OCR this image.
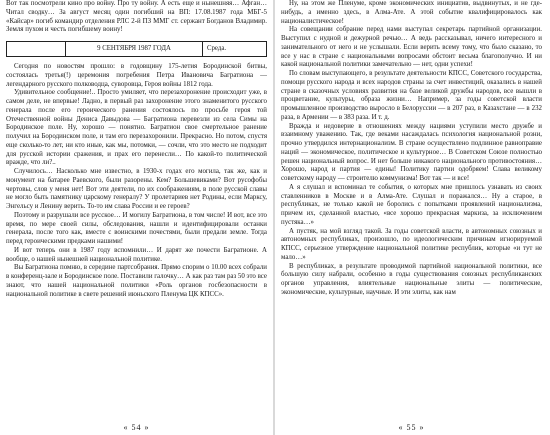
Вот так посмотрели кино про войну. Про ту войну. А есть еще и нынешняя… Афган… Читал сводку… За август месяц один погибший на ВП: 17.08.1987 года МБГ-5 «Кайсар» погиб командир отделения РЛС 2-й ПЗ ММГ ст. сержант Богданов Владимир. Земля пухом и честь погибшему воину!

9 СЕНТЯБРЯ 1987 ГОДА	Среда.

Сегодня по новостям прошло: в годовщину 175-летия Бородинской битвы, состоялась третья(!) церемония погребения Петра Ивановича Багратиона — легендарного русского полководца, суворовца, Героя войны 1812 года.

Удивительное сообщение!.. Просто умиляет, что перезахоронение происходит уже, в самом деле, не впервые! Ладно, в первый раз захоронение этого знаменитого русского генерала после его героического ранения состоялось по просьбе героя той Отечественной войны Дениса Давыдова — Багратиона перевезли из села Симы на Бородинское поле. Ну, хорошо — понятно. Багратион свое смертельное ранение получил на Бородинском поле, и там его перезахоронили. Прекрасно. Но потом, спустя еще сколько-то лет, ни кто иные, как мы, потомки, — сочли, что это место не подходит для русской истории сражения, и прах его перенесли… По какой-то политической вражде, что ли?..

Случилось… Насколько мне известно, в 1930-х годах его могила, так же, как и монумент на батарее Раевского, были разорены. Кем? Большевиками? Вот русофобы чертовы, слов у меня нет! Вот эти деятели, по их соображениям, в поле русской славы не могло быть памятнику царскому генералу? У пролетариев нет Родины, если Марксу, Энгельсу и Ленину верить. То-то им слава России и ее героев?

Поэтому и разрушали все русское… И могилу Багратиона, в том числе! И вот, все это время, по мере своей силы, обследования, нашли и идентифицировали останки генерала, после того как, вместе с воинскими почестями, были предали земле. Тогда перед героическими предками нашими!

И вот теперь они в 1987 году вспомнили… И дарят же почести Багратионе. А вообще, о нашей нынешней национальной политике.

Вы Багратиона помню, в середине партсобрания. Прямо спорим о 10.00 всех собрали в конференц-зале и Бородинское поле. Поставили галочку… А как раз там раз 50 это все знают, что нашей национальной политики «Роль органов госбезопасности в национальной политике в свете решений июньского Пленума ЦК КПСС».

« 54 »

Ну, на этом же Пленуме, кроме экономических инициатив, выдвинутых, и не где-нибудь, а именно здесь, в Алма-Ате. А этой событие квалифицировалось как националистическое!

На совещании собрание перед нами выступал секретарь партийной организации. Выступил с нудной и дежурной речью… А ведь рассказывал, ничего интересного и занимательного от него и не услышали. Если верить всему тому, что было сказано, то все у нас в стране с национальными вопросами обстоит весьма благополучно. И ни какой национальной политики замечательно — нет, одни успехи!

По словам выступающего, в результате деятельности КПСС, Советского государства, помощи русского народа и всех народов страны за счет инвестиций, оказались в нашей стране в сказочных условиях развития на базе великой дружбы народов, все вышли в процветание, культуры, образа жизни… Например, за годы советской власти промышленное производство выросло в Белоруссии — в 207 раз, в Казахстане — в 232 раза, в Армении — в 383 раза. И т. д.

Вражда и недоверие в отношениях между нациями уступили место дружбе и взаимному уважению. Так, где веками насаждалась психология национальной розни, прочно утвердился интернационализм. В стране осуществлено подлинное равноправие наций — экономическое, политическое и культурное… В Советском Союзе полностью решен национальный вопрос. И нет больше никакого национального противостояния… Хорошо, народ и партия — едины! Политику партии одобряем! Слава великому советскому народу — строителю коммунизма! Вот так — и все!

А я слушал и вспоминал те события, о которых мне пришлось узнавать из своих ставленников в Москве и в Алма-Ате. Слушал и поражался… Ну а старое, в республиках, не только какой не боролись с попытками проявлений национализма, причем их, сделанной властью, «все хорошо прекрасная маркиза, за исключением пустяка…»

А пустяк, на мой взгляд такой. За годы советской власти, в автономных союзных и автономных республиках, произошло, по идеологическим причинам игнорируемой КПСС, серьезное утверждение национальной политике республик, которые «и тут не мало…»

В республиках, в результате проводимой партийной национальной политики, все большую силу набрали, особенно в годы существования союзных республиканских органов управления, влиятельные национальные элиты — политические, экономические, культурные, научные. И эти элиты, как нам

« 55 »
